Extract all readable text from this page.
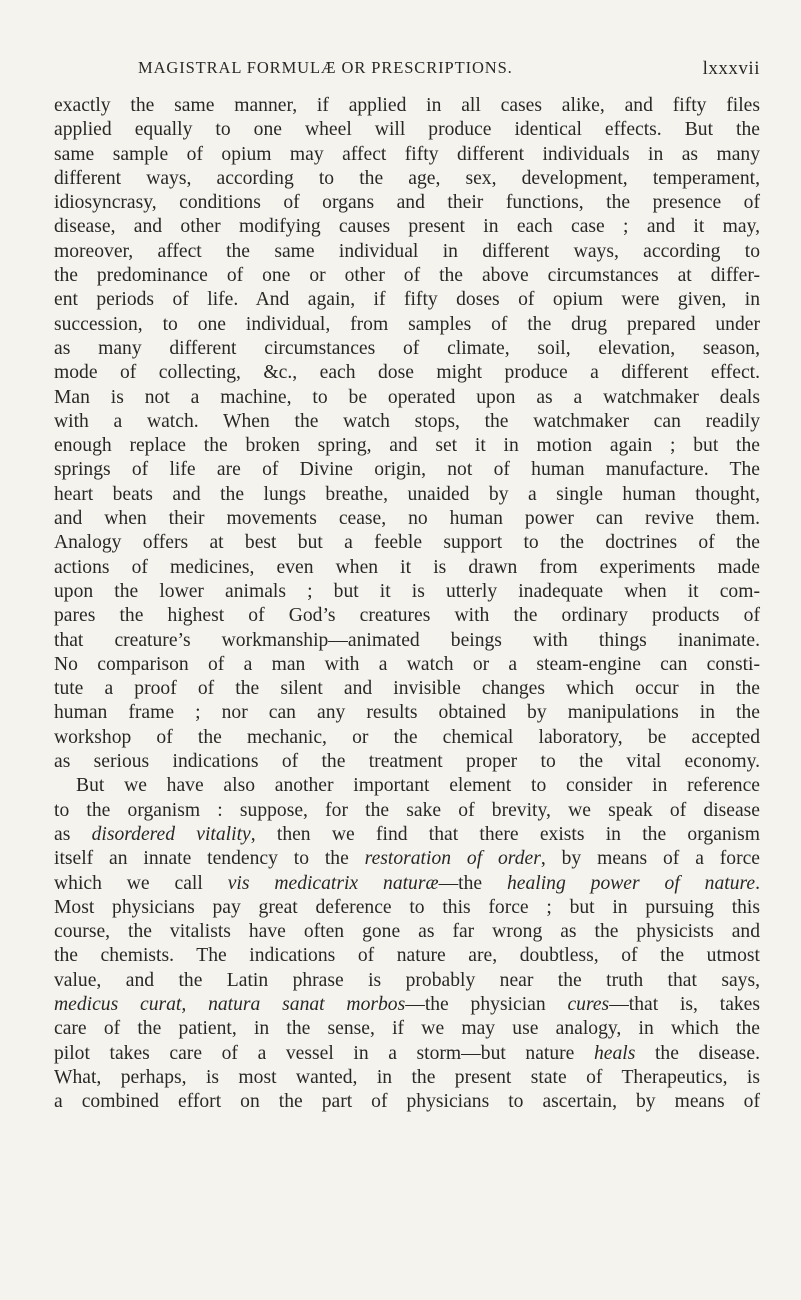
MAGISTRAL FORMULÆ OR PRESCRIPTIONS.	lxxxvii
exactly the same manner, if applied in all cases alike, and fifty files
applied equally to one wheel will produce identical effects. But the
same sample of opium may affect fifty different individuals in as many
different ways, according to the age, sex, development, temperament,
idiosyncrasy, conditions of organs and their functions, the presence of
disease, and other modifying causes present in each case ; and it may,
moreover, affect the same individual in different ways, according to
the predominance of one or other of the above circumstances at differ-
ent periods of life. And again, if fifty doses of opium were given, in
succession, to one individual, from samples of the drug prepared under
as many different circumstances of climate, soil, elevation, season,
mode of collecting, &c., each dose might produce a different effect.
Man is not a machine, to be operated upon as a watchmaker deals
with a watch. When the watch stops, the watchmaker can readily
enough replace the broken spring, and set it in motion again ; but the
springs of life are of Divine origin, not of human manufacture. The
heart beats and the lungs breathe, unaided by a single human thought,
and when their movements cease, no human power can revive them.
Analogy offers at best but a feeble support to the doctrines of the
actions of medicines, even when it is drawn from experiments made
upon the lower animals ; but it is utterly inadequate when it com-
pares the highest of God’s creatures with the ordinary products of
that creature’s workmanship—animated beings with things inanimate.
No comparison of a man with a watch or a steam-engine can consti-
tute a proof of the silent and invisible changes which occur in the
human frame ; nor can any results obtained by manipulations in the
workshop of the mechanic, or the chemical laboratory, be accepted
as serious indications of the treatment proper to the vital economy.
But we have also another important element to consider in reference
to the organism : suppose, for the sake of brevity, we speak of disease
as disordered vitality, then we find that there exists in the organism
itself an innate tendency to the restoration of order, by means of a force
which we call vis medicatrix naturæ—the healing power of nature.
Most physicians pay great deference to this force ; but in pursuing this
course, the vitalists have often gone as far wrong as the physicists and
the chemists. The indications of nature are, doubtless, of the utmost
value, and the Latin phrase is probably near the truth that says,
medicus curat, natura sanat morbos—the physician cures—that is, takes
care of the patient, in the sense, if we may use analogy, in which the
pilot takes care of a vessel in a storm—but nature heals the disease.
What, perhaps, is most wanted, in the present state of Therapeutics, is
a combined effort on the part of physicians to ascertain, by means of
